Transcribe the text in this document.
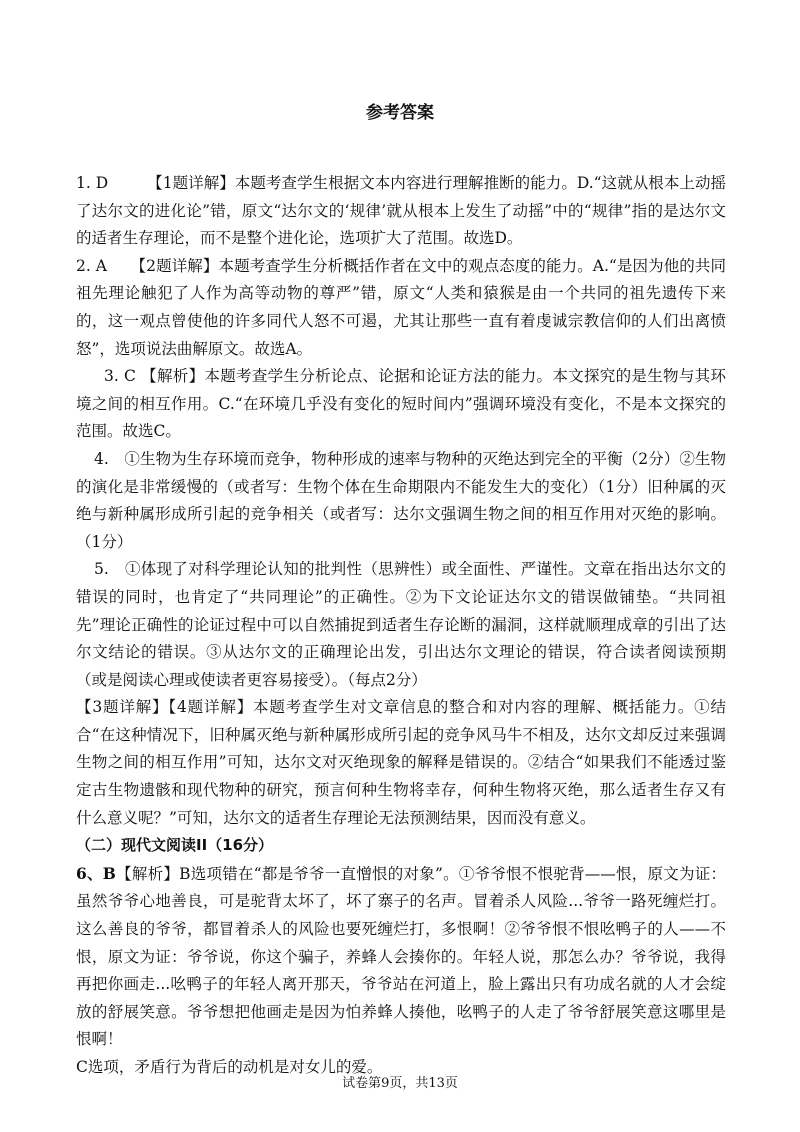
参考答案

1. D　　　【1题详解】本题考查学生根据文本内容进行理解推断的能力。D.“这就从根本上动摇了达尔文的进化论”错，原文“达尔文的‘规律’就从根本上发生了动摇”中的“规律”指的是达尔文的适者生存理论，而不是整个进化论，选项扩大了范围。故选D。

2. A　　【2题详解】本题考查学生分析概括作者在文中的观点态度的能力。A.“是因为他的共同祖先理论触犯了人作为高等动物的尊严”错，原文“人类和猿猴是由一个共同的祖先遗传下来的，这一观点曾使他的许多同代人怒不可遏，尤其让那些一直有着虔诚宗教信仰的人们出离愤怒”，选项说法曲解原文。故选A。

3. C 【解析】本题考查学生分析论点、论据和论证方法的能力。本文探究的是生物与其环境之间的相互作用。C.“在环境几乎没有变化的短时间内”强调环境没有变化，不是本文探究的范围。故选C。

4.　①生物为生存环境而竞争，物种形成的速率与物种的灭绝达到完全的平衡（2分）②生物的演化是非常缓慢的（或者写：生物个体在生命期限内不能发生大的变化）（1分）旧种属的灭绝与新种属形成所引起的竞争相关（或者写：达尔文强调生物之间的相互作用对灭绝的影响。（1分）

5.　①体现了对科学理论认知的批判性（思辨性）或全面性、严谨性。文章在指出达尔文的错误的同时，也肯定了“共同理论”的正确性。②为下文论证达尔文的错误做铺垫。“共同祖先”理论正确性的论证过程中可以自然捕捉到适者生存论断的漏洞，这样就顺理成章的引出了达尔文结论的错误。③从达尔文的正确理论出发，引出达尔文理论的错误，符合读者阅读预期（或是阅读心理或使读者更容易接受）。（每点2分）

【3题详解】【4题详解】本题考查学生对文章信息的整合和对内容的理解、概括能力。①结合“在这种情况下，旧种属灭绝与新种属形成所引起的竞争风马牛不相及，达尔文却反过来强调生物之间的相互作用”可知，达尔文对灭绝现象的解释是错误的。②结合“如果我们不能透过鉴定古生物遗骸和现代物种的研究，预言何种生物将幸存，何种生物将灭绝，那么适者生存又有什么意义呢？”可知，达尔文的适者生存理论无法预测结果，因而没有意义。

（二）现代文阅读II（16分）

6、B【解析】B选项错在“都是爷爷一直憎恨的对象”。①爷爷恨不恨驼背——恨，原文为证：虽然爷爷心地善良，可是驼背太坏了，坏了寨子的名声。冒着杀人风险...爷爷一路死缠烂打。这么善良的爷爷，都冒着杀人的风险也要死缠烂打，多恨啊！②爷爷恨不恨吆鸭子的人——不恨，原文为证：爷爷说，你这个骗子，养蜂人会揍你的。年轻人说，那怎么办？爷爷说，我得再把你画走...吆鸭子的年轻人离开那天，爷爷站在河道上，脸上露出只有功成名就的人才会绽放的舒展笑意。爷爷想把他画走是因为怕养蜂人揍他，吆鸭子的人走了爷爷舒展笑意这哪里是恨啊！

C选项，矛盾行为背后的动机是对女儿的爱。

试卷第9页，共13页
